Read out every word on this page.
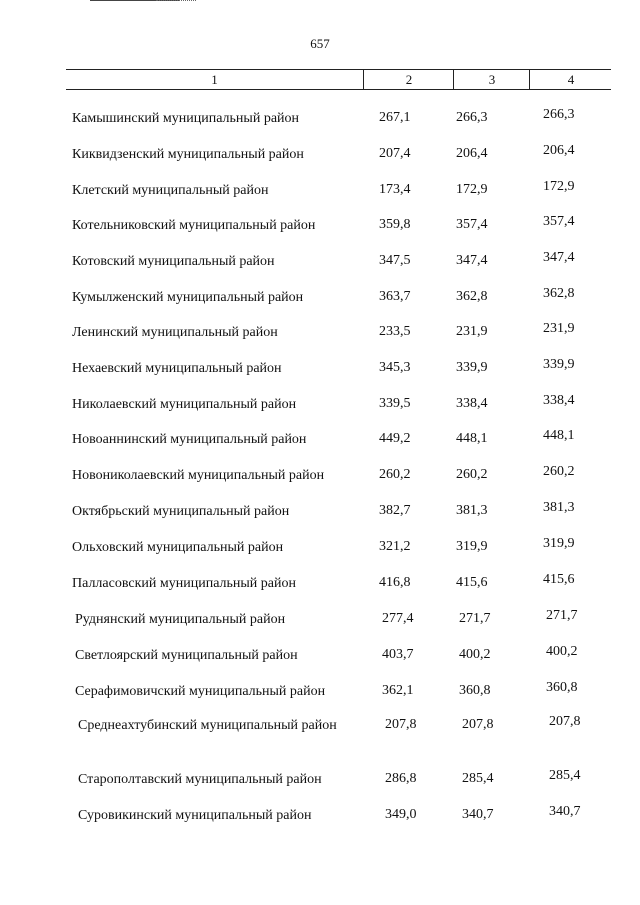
657
1	2	3	4
Камышинский муниципальный район	267,1	266,3	266,3
Киквидзенский муниципальный район	207,4	206,4	206,4
Клетский муниципальный район	173,4	172,9	172,9
Котельниковский муниципальный район	359,8	357,4	357,4
Котовский муниципальный район	347,5	347,4	347,4
Кумылженский муниципальный район	363,7	362,8	362,8
Ленинский муниципальный район	233,5	231,9	231,9
Нехаевский муниципальный район	345,3	339,9	339,9
Николаевский муниципальный район	339,5	338,4	338,4
Новоаннинский муниципальный район	449,2	448,1	448,1
Новониколаевский муниципальный район	260,2	260,2	260,2
Октябрьский муниципальный район	382,7	381,3	381,3
Ольховский муниципальный район	321,2	319,9	319,9
Палласовский муниципальный район	416,8	415,6	415,6
Руднянский муниципальный район	277,4	271,7	271,7
Светлоярский муниципальный район	403,7	400,2	400,2
Серафимовичский муниципальный район	362,1	360,8	360,8
Среднеахтубинский муниципальный район	207,8	207,8	207,8
Старополтавский муниципальный район	286,8	285,4	285,4
Суровикинский муниципальный район	349,0	340,7	340,7
